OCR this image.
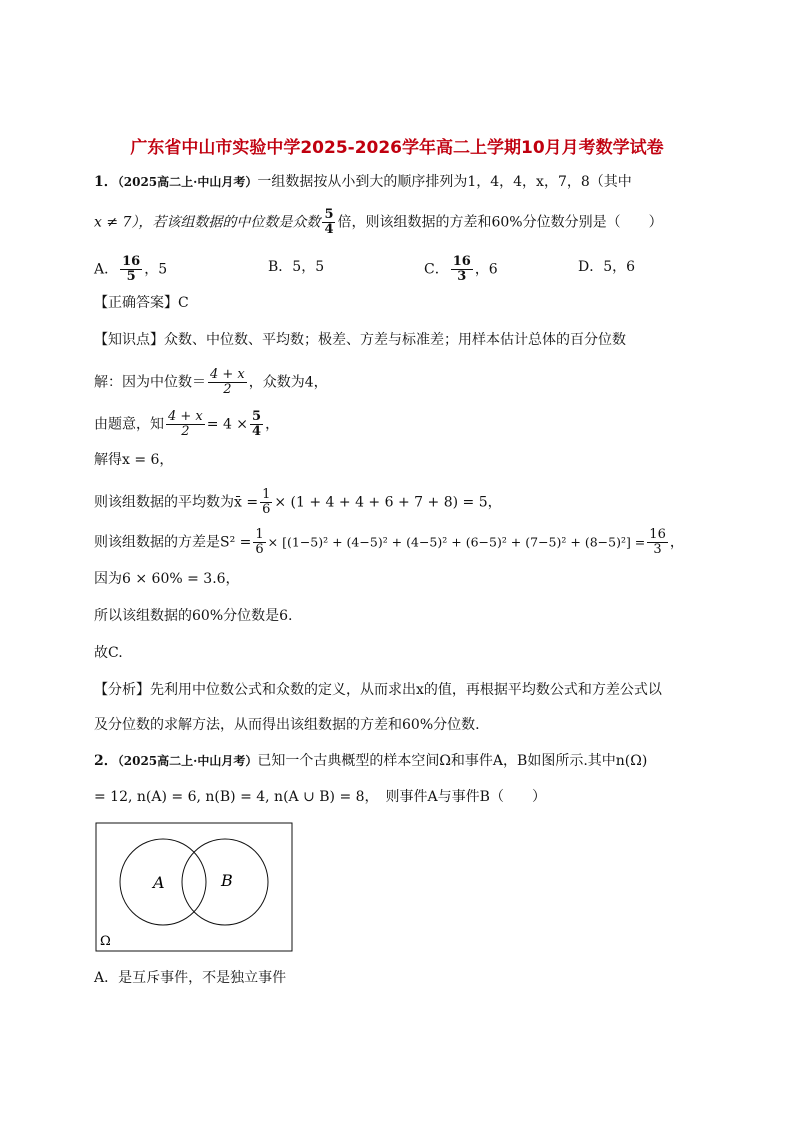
广东省中山市实验中学2025-2026学年高二上学期10月月考数学试卷
1．（2025高二上·中山月考）一组数据按从小到大的顺序排列为1，4，4，x，7，8（其中
x ≠ 7），若该组数据的中位数是众数 $\frac{5}{4}$ 倍，则该组数据的方差和60%分位数分别是（　　）
A． $\frac{16}{5}$ ，5	B．5，5	C． $\frac{16}{3}$ ，6	D．5，6
【正确答案】C
【知识点】众数、中位数、平均数；极差、方差与标准差；用样本估计总体的百分位数
解：因为中位数＝ $\frac{4 + x}{2}$ ，众数为4，
由题意，知 $\frac{4 + x}{2} = 4 \times \frac{5}{4}$ ，
解得x = 6，
则该组数据的平均数为x̄ = $\frac{1}{6} \times (1 + 4 + 4 + 6 + 7 + 8) = 5$，
则该组数据的方差是$S^2 = \frac{1}{6} \times [(1-5)^2 + (4-5)^2 + (4-5)^2 + (6-5)^2 + (7-5)^2 + (8-5)^2] = \frac{16}{3}$ ，
因为6 × 60% = 3.6，
所以该组数据的60%分位数是6.
故C.
【分析】先利用中位数公式和众数的定义，从而求出x的值，再根据平均数公式和方差公式以
及分位数的求解方法，从而得出该组数据的方差和60%分位数.
2．（2025高二上·中山月考）已知一个古典概型的样本空间Ω和事件A，B如图所示.其中n(Ω)
= 12, n(A) = 6, n(B) = 4, n(A ∪ B) = 8，　则事件A与事件B（　　）
A	B
Ω
A．是互斥事件，不是独立事件
